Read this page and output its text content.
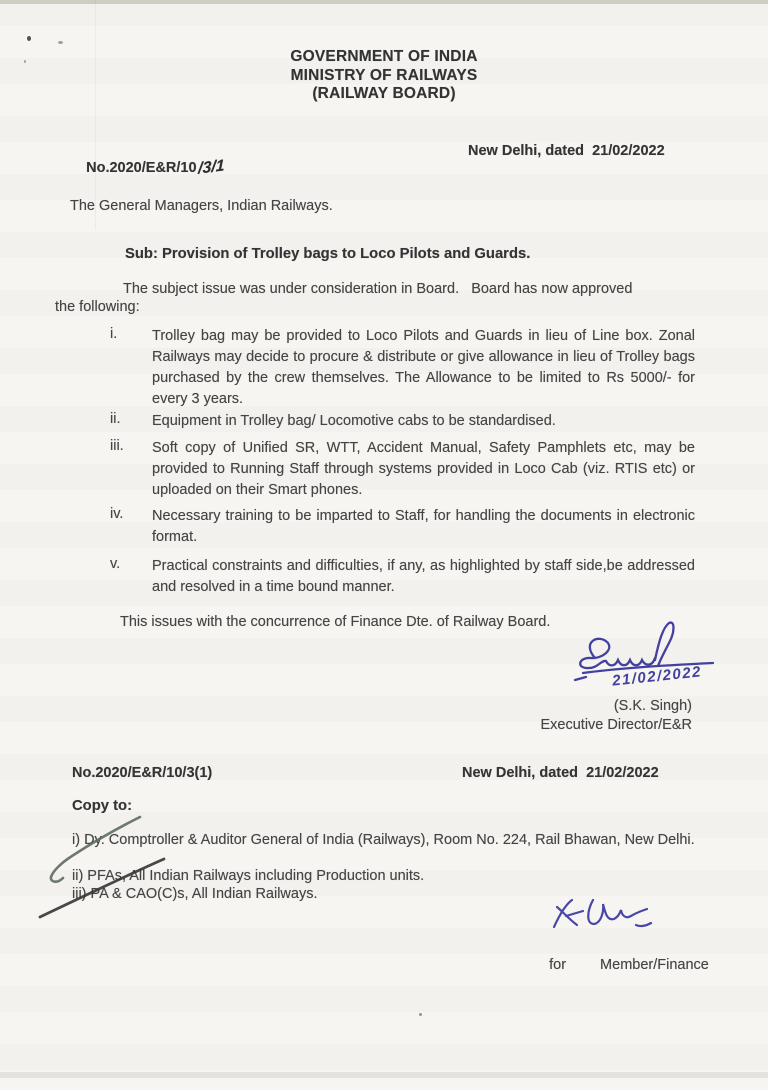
GOVERNMENT OF INDIA
MINISTRY OF RAILWAYS
(RAILWAY BOARD)

No.2020/E&R/10/3/1

New Delhi, dated  21/02/2022
The General Managers, Indian Railways.
Sub: Provision of Trolley bags to Loco Pilots and Guards.
The subject issue was under consideration in Board.   Board has now approved
the following:
i.	Trolley bag may be provided to Loco Pilots and Guards in lieu of Line box. Zonal Railways may decide to procure & distribute or give allowance in lieu of Trolley bags purchased by the crew themselves. The Allowance to be limited to Rs 5000/- for every 3 years.
ii.	Equipment in Trolley bag/ Locomotive cabs to be standardised.
iii.	Soft copy of Unified SR, WTT, Accident Manual, Safety Pamphlets etc, may be provided to Running Staff through systems provided in Loco Cab (viz. RTIS etc) or uploaded on their Smart phones.
iv.	Necessary training to be imparted to Staff, for handling the documents in electronic format.
v.	Practical constraints and difficulties, if any, as highlighted by staff side,be addressed and resolved in a time bound manner.
This issues with the concurrence of Finance Dte. of Railway Board.
21/02/2022
(S.K. Singh)
Executive Director/E&R
No.2020/E&R/10/3(1)	New Delhi, dated  21/02/2022
Copy to:
i) Dy. Comptroller & Auditor General of India (Railways), Room No. 224, Rail Bhawan, New Delhi.
ii) PFAs, All Indian Railways including Production units.
iii) PA & CAO(C)s, All Indian Railways.

for Member/Finance
